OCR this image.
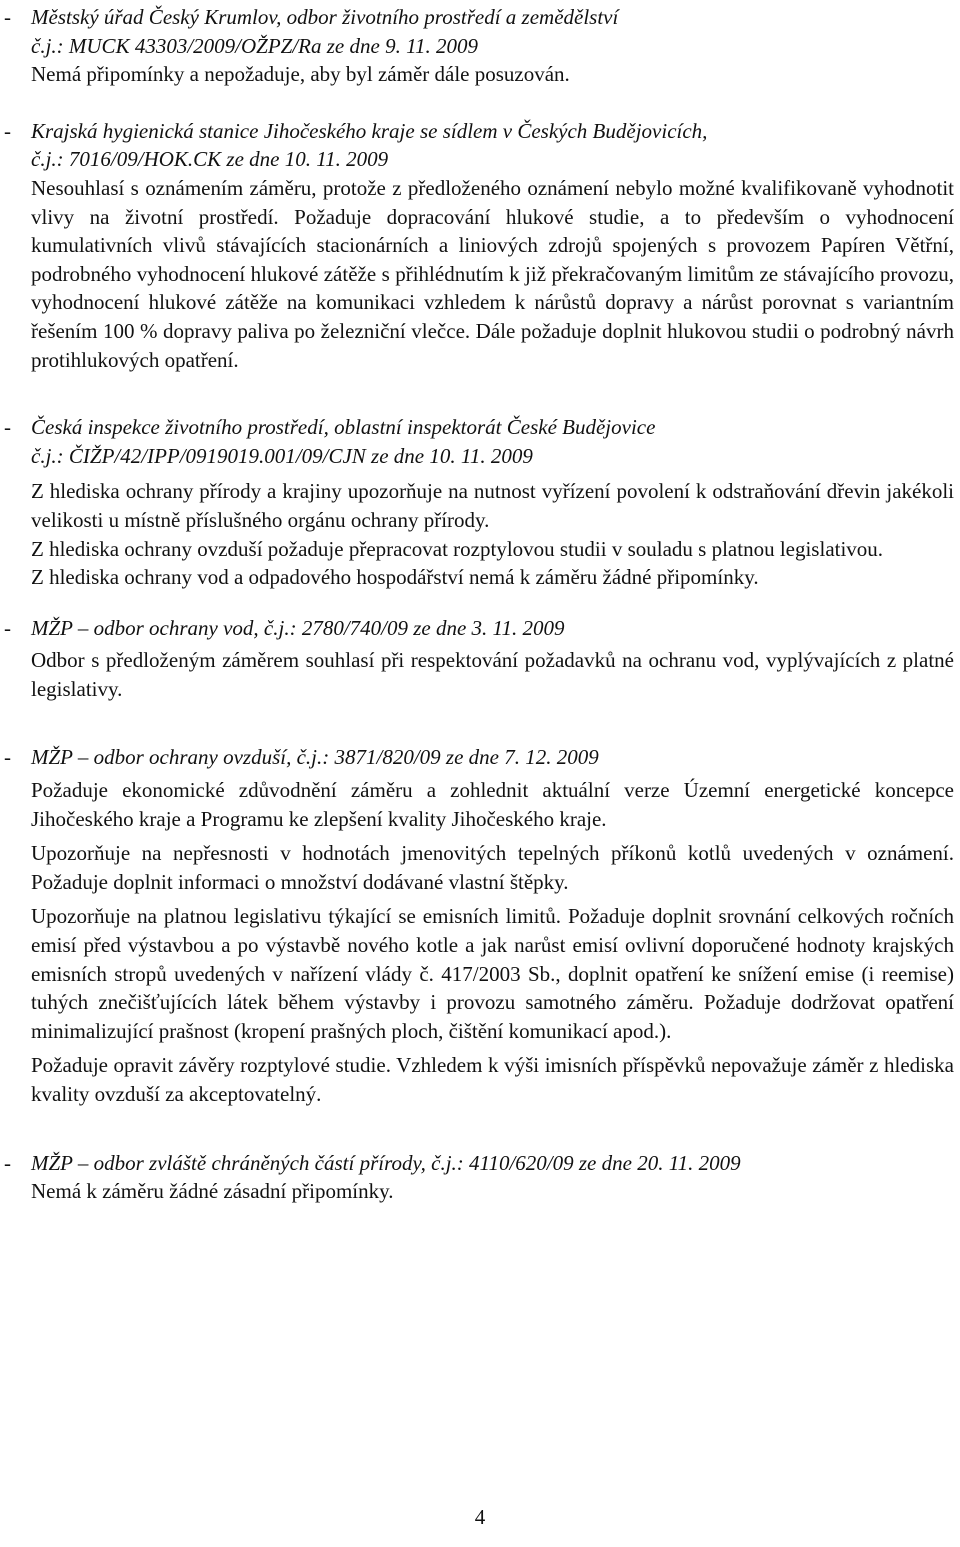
- Městský úřad Český Krumlov, odbor životního prostředí a zemědělství

č.j.: MUCK 43303/2009/OŽPZ/Ra ze dne 9. 11. 2009

Nemá připomínky a nepožaduje, aby byl záměr dále posuzován.

- Krajská hygienická stanice Jihočeského kraje se sídlem v Českých Budějovicích,

č.j.: 7016/09/HOK.CK ze dne 10. 11. 2009

Nesouhlasí s oznámením záměru, protože z předloženého oznámení nebylo možné kvalifikovaně vyhodnotit vlivy na životní prostředí. Požaduje dopracování hlukové studie, a to především o vyhodnocení kumulativních vlivů stávajících stacionárních a liniových zdrojů spojených s provozem Papíren Větřní, podrobného vyhodnocení hlukové zátěže s přihlédnutím k již překračovaným limitům ze stávajícího provozu, vyhodnocení hlukové zátěže na komunikaci vzhledem k nárůstů dopravy a nárůst porovnat s variantním řešením 100 % dopravy paliva po železniční vlečce. Dále požaduje doplnit hlukovou studii o podrobný návrh protihlukových opatření.

- Česká inspekce životního prostředí, oblastní inspektorát České Budějovice

č.j.: ČIŽP/42/IPP/0919019.001/09/CJN ze dne 10. 11. 2009

Z hlediska ochrany přírody a krajiny upozorňuje na nutnost vyřízení povolení k odstraňování dřevin jakékoli velikosti u místně příslušného orgánu ochrany přírody.

Z hlediska ochrany ovzduší požaduje přepracovat rozptylovou studii v souladu s platnou legislativou.

Z hlediska ochrany vod a odpadového hospodářství nemá k záměru žádné připomínky.

- MŽP – odbor ochrany vod, č.j.: 2780/740/09 ze dne 3. 11. 2009

Odbor s předloženým záměrem souhlasí při respektování požadavků na ochranu vod, vyplývajících z platné legislativy.

- MŽP – odbor ochrany ovzduší, č.j.: 3871/820/09 ze dne 7. 12. 2009

Požaduje ekonomické zdůvodnění záměru a zohlednit aktuální verze Územní energetické koncepce Jihočeského kraje a Programu ke zlepšení kvality Jihočeského kraje.

Upozorňuje na nepřesnosti v hodnotách jmenovitých tepelných příkonů kotlů uvedených v oznámení. Požaduje doplnit informaci o množství dodávané vlastní štěpky.

Upozorňuje na platnou legislativu týkající se emisních limitů. Požaduje doplnit srovnání celkových ročních emisí před výstavbou a po výstavbě nového kotle a jak narůst emisí ovlivní doporučené hodnoty krajských emisních stropů uvedených v nařízení vlády č. 417/2003 Sb., doplnit opatření ke snížení emise (i reemise) tuhých znečišťujících látek během výstavby i provozu samotného záměru. Požaduje dodržovat opatření minimalizující prašnost (kropení prašných ploch, čištění komunikací apod.).

Požaduje opravit závěry rozptylové studie. Vzhledem k výši imisních příspěvků nepovažuje záměr z hlediska kvality ovzduší za akceptovatelný.

- MŽP – odbor zvláště chráněných částí přírody, č.j.: 4110/620/09 ze dne 20. 11. 2009

Nemá k záměru žádné zásadní připomínky.

4
